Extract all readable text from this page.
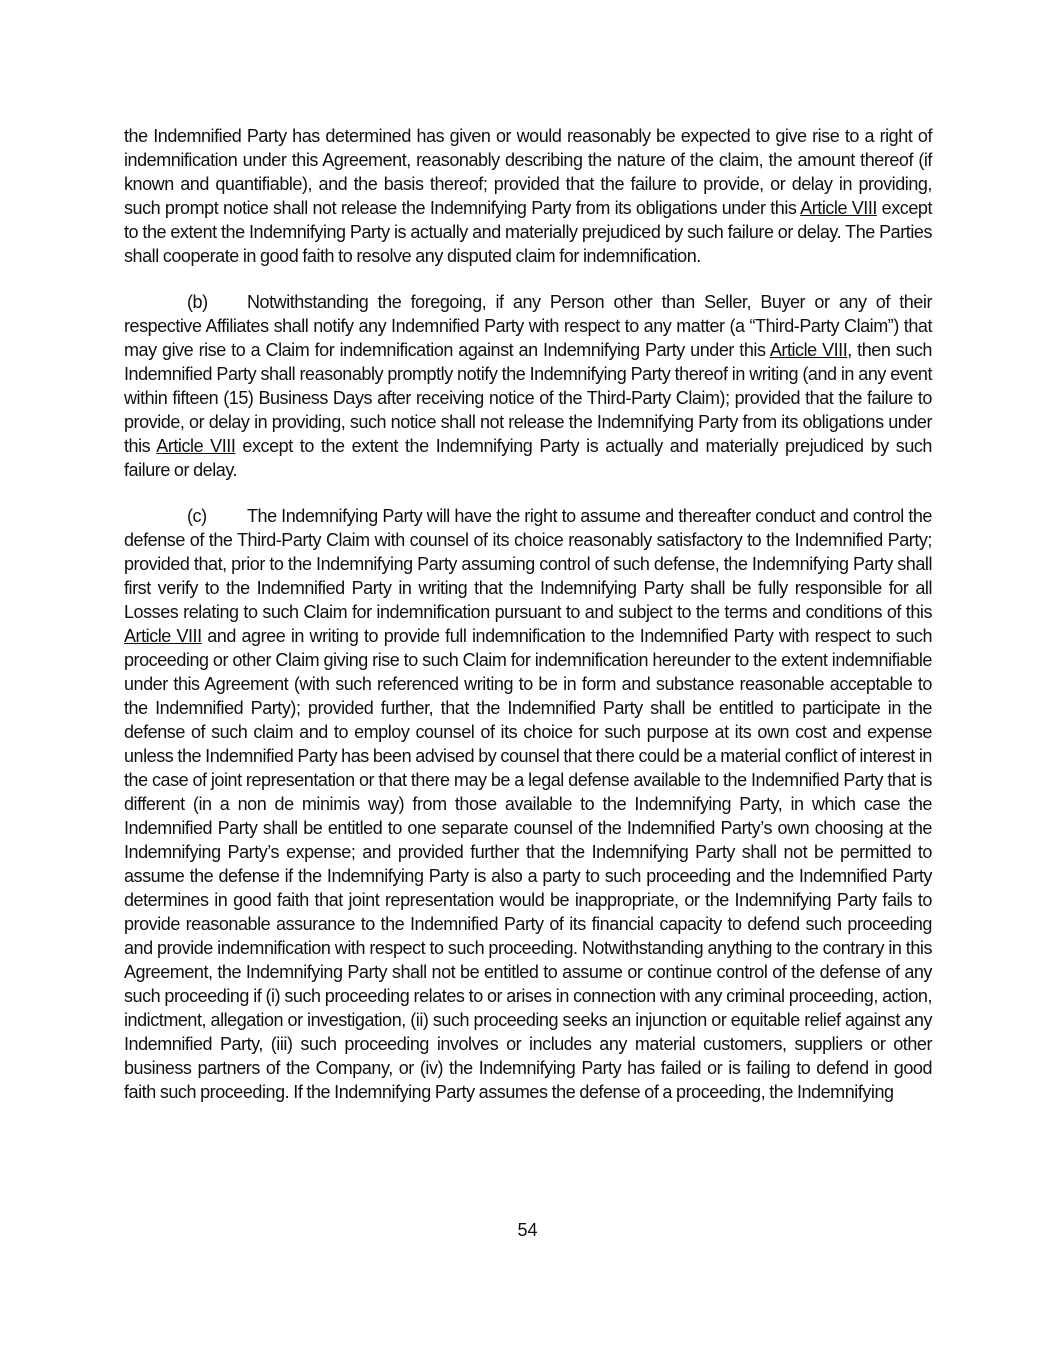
the Indemnified Party has determined has given or would reasonably be expected to give rise to a right of indemnification under this Agreement, reasonably describing the nature of the claim, the amount thereof (if known and quantifiable), and the basis thereof; provided that the failure to provide, or delay in providing, such prompt notice shall not release the Indemnifying Party from its obligations under this Article VIII except to the extent the Indemnifying Party is actually and materially prejudiced by such failure or delay. The Parties shall cooperate in good faith to resolve any disputed claim for indemnification.

(b) Notwithstanding the foregoing, if any Person other than Seller, Buyer or any of their respective Affiliates shall notify any Indemnified Party with respect to any matter (a “Third-Party Claim”) that may give rise to a Claim for indemnification against an Indemnifying Party under this Article VIII, then such Indemnified Party shall reasonably promptly notify the Indemnifying Party thereof in writing (and in any event within fifteen (15) Business Days after receiving notice of the Third-Party Claim); provided that the failure to provide, or delay in providing, such notice shall not release the Indemnifying Party from its obligations under this Article VIII except to the extent the Indemnifying Party is actually and materially prejudiced by such failure or delay.

(c) The Indemnifying Party will have the right to assume and thereafter conduct and control the defense of the Third-Party Claim with counsel of its choice reasonably satisfactory to the Indemnified Party; provided that, prior to the Indemnifying Party assuming control of such defense, the Indemnifying Party shall first verify to the Indemnified Party in writing that the Indemnifying Party shall be fully responsible for all Losses relating to such Claim for indemnification pursuant to and subject to the terms and conditions of this Article VIII and agree in writing to provide full indemnification to the Indemnified Party with respect to such proceeding or other Claim giving rise to such Claim for indemnification hereunder to the extent indemnifiable under this Agreement (with such referenced writing to be in form and substance reasonable acceptable to the Indemnified Party); provided further, that the Indemnified Party shall be entitled to participate in the defense of such claim and to employ counsel of its choice for such purpose at its own cost and expense unless the Indemnified Party has been advised by counsel that there could be a material conflict of interest in the case of joint representation or that there may be a legal defense available to the Indemnified Party that is different (in a non de minimis way) from those available to the Indemnifying Party, in which case the Indemnified Party shall be entitled to one separate counsel of the Indemnified Party’s own choosing at the Indemnifying Party’s expense; and provided further that the Indemnifying Party shall not be permitted to assume the defense if the Indemnifying Party is also a party to such proceeding and the Indemnified Party determines in good faith that joint representation would be inappropriate, or the Indemnifying Party fails to provide reasonable assurance to the Indemnified Party of its financial capacity to defend such proceeding and provide indemnification with respect to such proceeding. Notwithstanding anything to the contrary in this Agreement, the Indemnifying Party shall not be entitled to assume or continue control of the defense of any such proceeding if (i) such proceeding relates to or arises in connection with any criminal proceeding, action, indictment, allegation or investigation, (ii) such proceeding seeks an injunction or equitable relief against any Indemnified Party, (iii) such proceeding involves or includes any material customers, suppliers or other business partners of the Company, or (iv) the Indemnifying Party has failed or is failing to defend in good faith such proceeding. If the Indemnifying Party assumes the defense of a proceeding, the Indemnifying

54
